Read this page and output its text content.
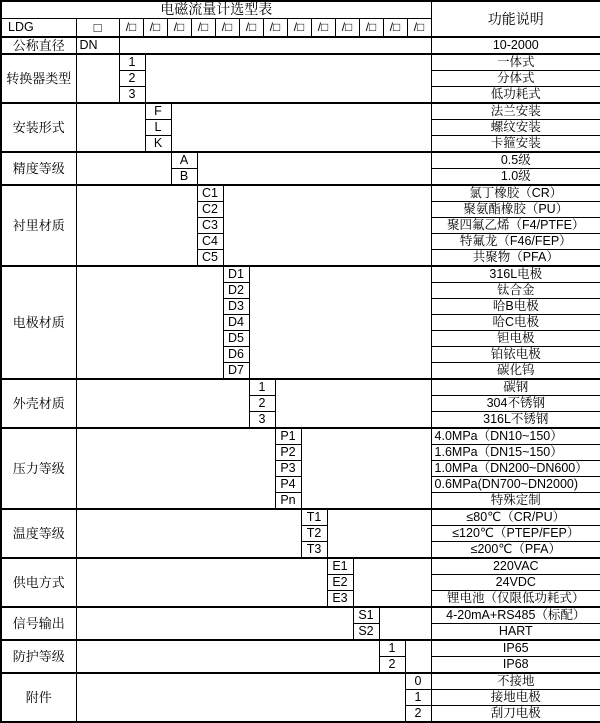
电磁流量计选型表														功能说明
LDG	□	/□	/□	/□	/□	/□	/□	/□	/□	/□	/□	/□	/□	/□

公称直径	DN													10-2000
转换器类型		1												一体式
		2												分体式
		3												低功耗式
安装形式			F											法兰安装
			L											螺纹安装
			K											卡箍安装
精度等级				A										0.5级
				B										1.0级
衬里材质					C1									氯丁橡胶（CR）
					C2									聚氨酯橡胶（PU）
					C3									聚四氟乙烯（F4/PTFE）
					C4									特氟龙（F46/FEP）
					C5									共聚物（PFA）
电极材质						D1								316L电极
						D2								钛合金
						D3								哈B电极
						D4								哈C电极
						D5								钽电极
						D6								铂铱电极
						D7								碳化钨
外壳材质							1							碳钢
							2							304不锈钢
							3							316L不锈钢
压力等级								P1						4.0MPa（DN10~150）
								P2						1.6MPa（DN15~150）
								P3						1.0MPa（DN200~DN600）
								P4						0.6MPa(DN700~DN2000)
								Pn						特殊定制
温度等级									T1					≤80℃（CR/PU）
									T2					≤120℃（PTEP/FEP）
									T3					≤200℃（PFA）
供电方式										E1				220VAC
										E2				24VDC
										E3				锂电池（仅限低功耗式）
信号输出											S1			4-20mA+RS485（标配）
											S2			HART
防护等级												1		IP65
												2		IP68
附件													0	不接地
													1	接地电极
													2	刮刀电极
